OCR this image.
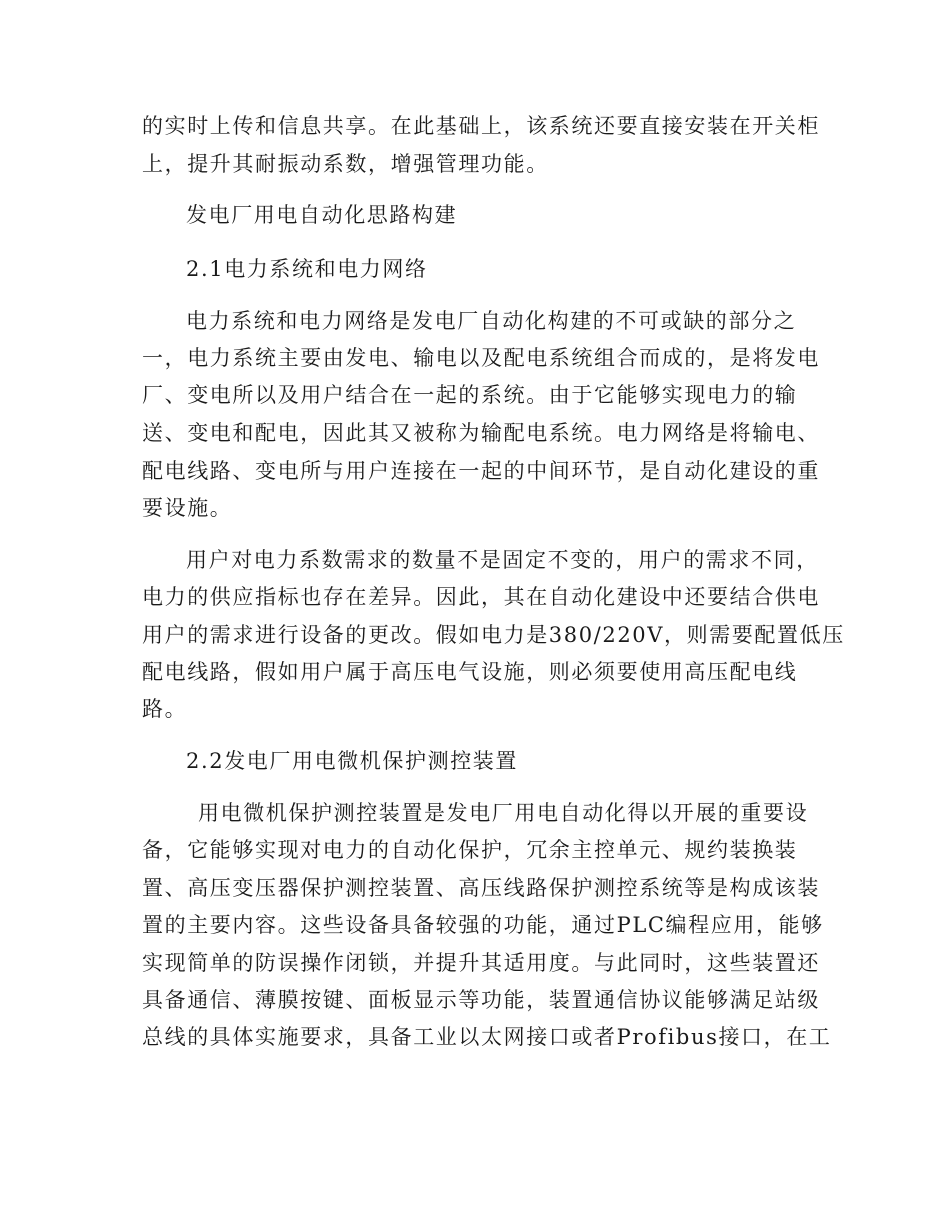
的实时上传和信息共享。在此基础上，该系统还要直接安装在开关柜
上，提升其耐振动系数，增强管理功能。
发电厂用电自动化思路构建
2.1电力系统和电力网络
电力系统和电力网络是发电厂自动化构建的不可或缺的部分之
一，电力系统主要由发电、输电以及配电系统组合而成的，是将发电
厂、变电所以及用户结合在一起的系统。由于它能够实现电力的输
送、变电和配电，因此其又被称为输配电系统。电力网络是将输电、
配电线路、变电所与用户连接在一起的中间环节，是自动化建设的重
要设施。
用户对电力系数需求的数量不是固定不变的，用户的需求不同，
电力的供应指标也存在差异。因此，其在自动化建设中还要结合供电
用户的需求进行设备的更改。假如电力是380/220V，则需要配置低压
配电线路，假如用户属于高压电气设施，则必须要使用高压配电线
路。
2.2发电厂用电微机保护测控装置
用电微机保护测控装置是发电厂用电自动化得以开展的重要设
备，它能够实现对电力的自动化保护，冗余主控单元、规约装换装
置、高压变压器保护测控装置、高压线路保护测控系统等是构成该装
置的主要内容。这些设备具备较强的功能，通过PLC编程应用，能够
实现简单的防误操作闭锁，并提升其适用度。与此同时，这些装置还
具备通信、薄膜按键、面板显示等功能，装置通信协议能够满足站级
总线的具体实施要求，具备工业以太网接口或者Profibus接口，在工
